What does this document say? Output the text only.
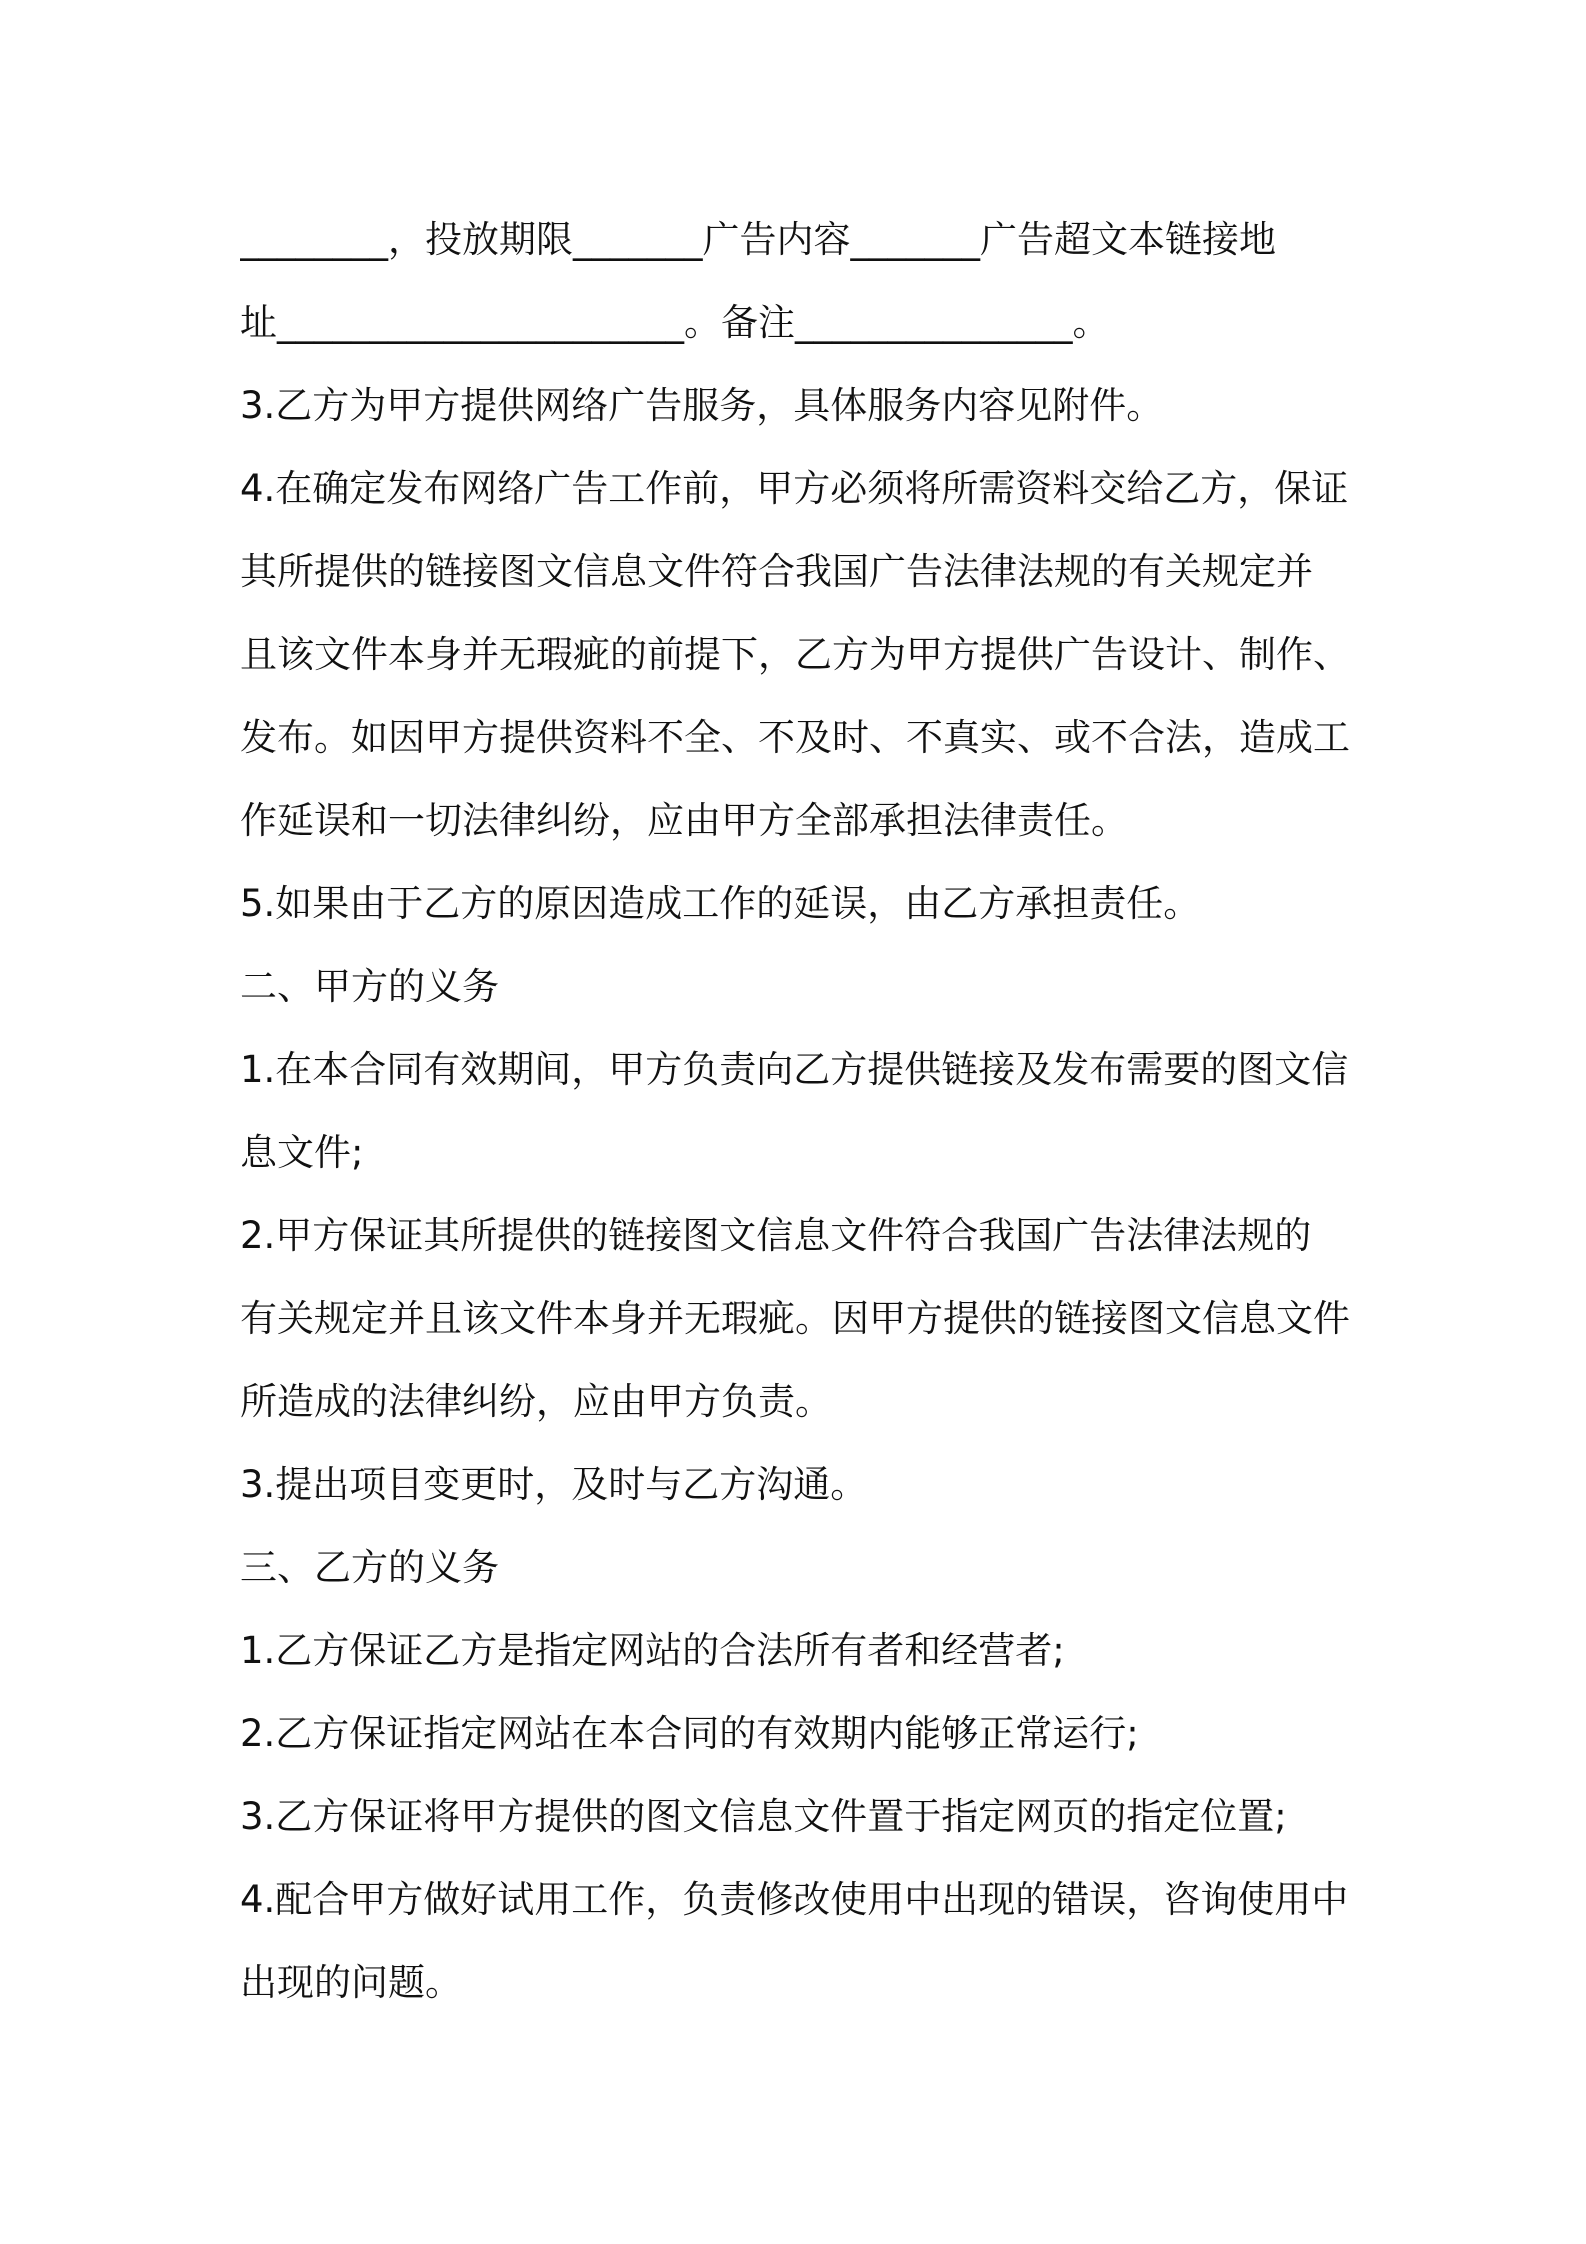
________，投放期限_______广告内容_______广告超文本链接地
址______________________。备注_______________。
3.乙方为甲方提供网络广告服务，具体服务内容见附件。
4.在确定发布网络广告工作前，甲方必须将所需资料交给乙方，保证
其所提供的链接图文信息文件符合我国广告法律法规的有关规定并
且该文件本身并无瑕疵的前提下，乙方为甲方提供广告设计、制作、
发布。如因甲方提供资料不全、不及时、不真实、或不合法，造成工
作延误和一切法律纠纷，应由甲方全部承担法律责任。
5.如果由于乙方的原因造成工作的延误，由乙方承担责任。
二、甲方的义务
1.在本合同有效期间，甲方负责向乙方提供链接及发布需要的图文信
息文件;
2.甲方保证其所提供的链接图文信息文件符合我国广告法律法规的
有关规定并且该文件本身并无瑕疵。因甲方提供的链接图文信息文件
所造成的法律纠纷，应由甲方负责。
3.提出项目变更时，及时与乙方沟通。
三、乙方的义务
1.乙方保证乙方是指定网站的合法所有者和经营者;
2.乙方保证指定网站在本合同的有效期内能够正常运行;
3.乙方保证将甲方提供的图文信息文件置于指定网页的指定位置;
4.配合甲方做好试用工作，负责修改使用中出现的错误，咨询使用中
出现的问题。
